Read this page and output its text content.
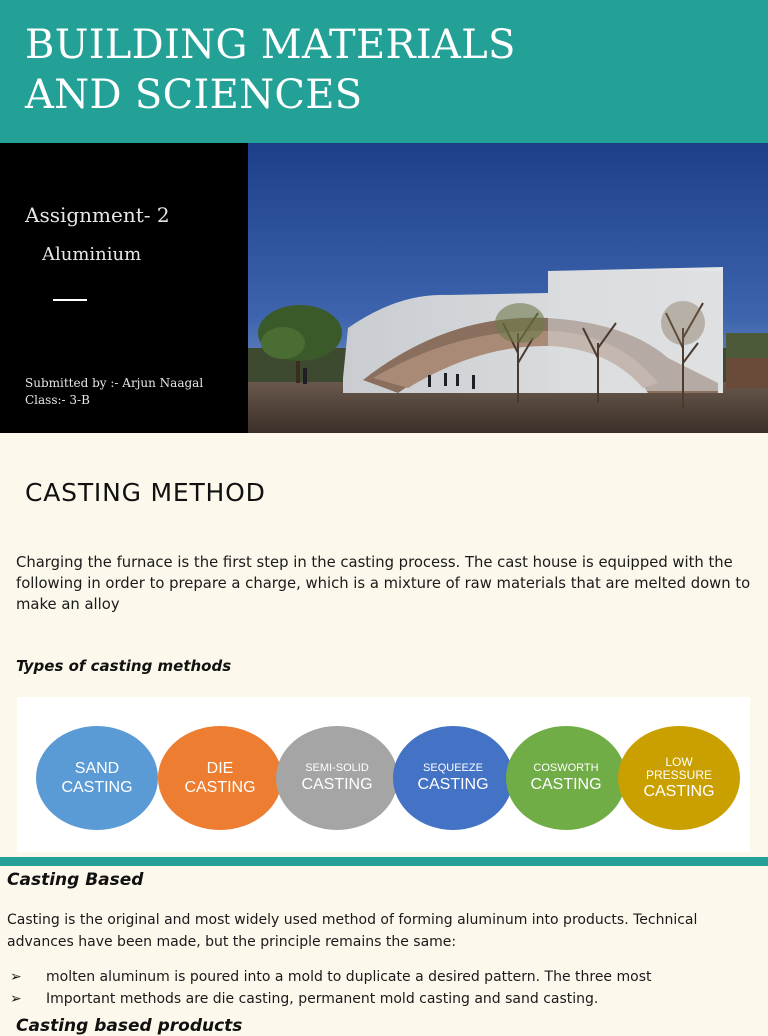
BUILDING MATERIALS
AND SCIENCES
Assignment- 2
Aluminium
Submitted by :- Arjun Naagal
Class:- 3-B
CASTING METHOD

Charging the furnace is the first step in the casting process. The cast house is equipped with the following in order to prepare a charge, which is a mixture of raw materials that are melted down to make an alloy

Types of casting methods
SAND
CASTING
DIE
CASTING
SEMI-SOLID
CASTING
SEQUEEZE
CASTING
COSWORTH
CASTING
LOW
PRESSURE
CASTING
Casting Based

Casting is the original and most widely used method of forming aluminum into products. Technical advances have been made, but the principle remains the same:

➢ molten aluminum is poured into a mold to duplicate a desired pattern. The three most
➢ Important methods are die casting, permanent mold casting and sand casting.
Casting based products
